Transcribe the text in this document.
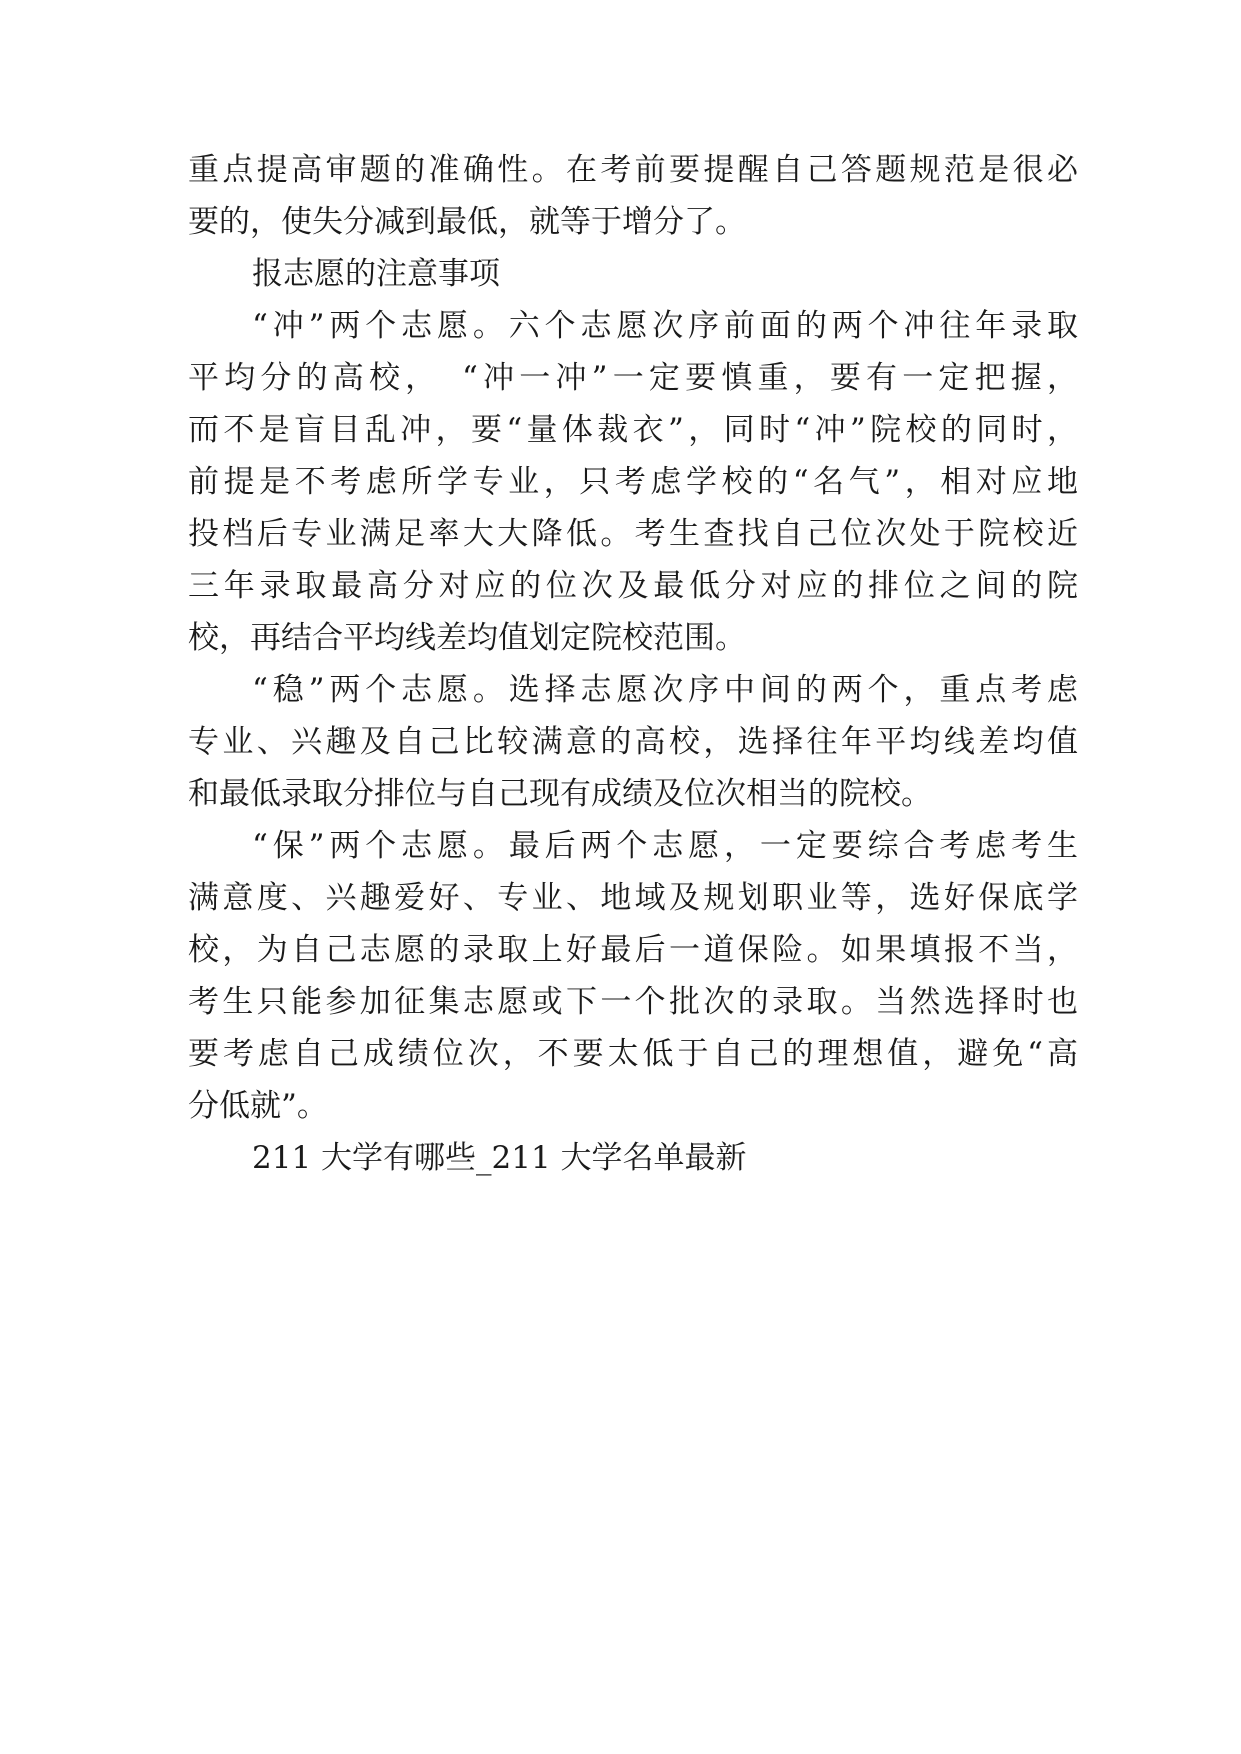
重点提高审题的准确性。在考前要提醒自己答题规范是很必
要的，使失分减到最低，就等于增分了。
报志愿的注意事项
“冲”两个志愿。六个志愿次序前面的两个冲往年录取
平均分的高校，　“冲一冲”一定要慎重，要有一定把握，
而不是盲目乱冲，要“量体裁衣”，同时“冲”院校的同时，
前提是不考虑所学专业，只考虑学校的“名气”，相对应地
投档后专业满足率大大降低。考生查找自己位次处于院校近
三年录取最高分对应的位次及最低分对应的排位之间的院
校，再结合平均线差均值划定院校范围。
“稳”两个志愿。选择志愿次序中间的两个，重点考虑
专业、兴趣及自己比较满意的高校，选择往年平均线差均值
和最低录取分排位与自己现有成绩及位次相当的院校。
“保”两个志愿。最后两个志愿，一定要综合考虑考生
满意度、兴趣爱好、专业、地域及规划职业等，选好保底学
校，为自己志愿的录取上好最后一道保险。如果填报不当，
考生只能参加征集志愿或下一个批次的录取。当然选择时也
要考虑自己成绩位次，不要太低于自己的理想值，避免“高
分低就”。
211 大学有哪些_211 大学名单最新
